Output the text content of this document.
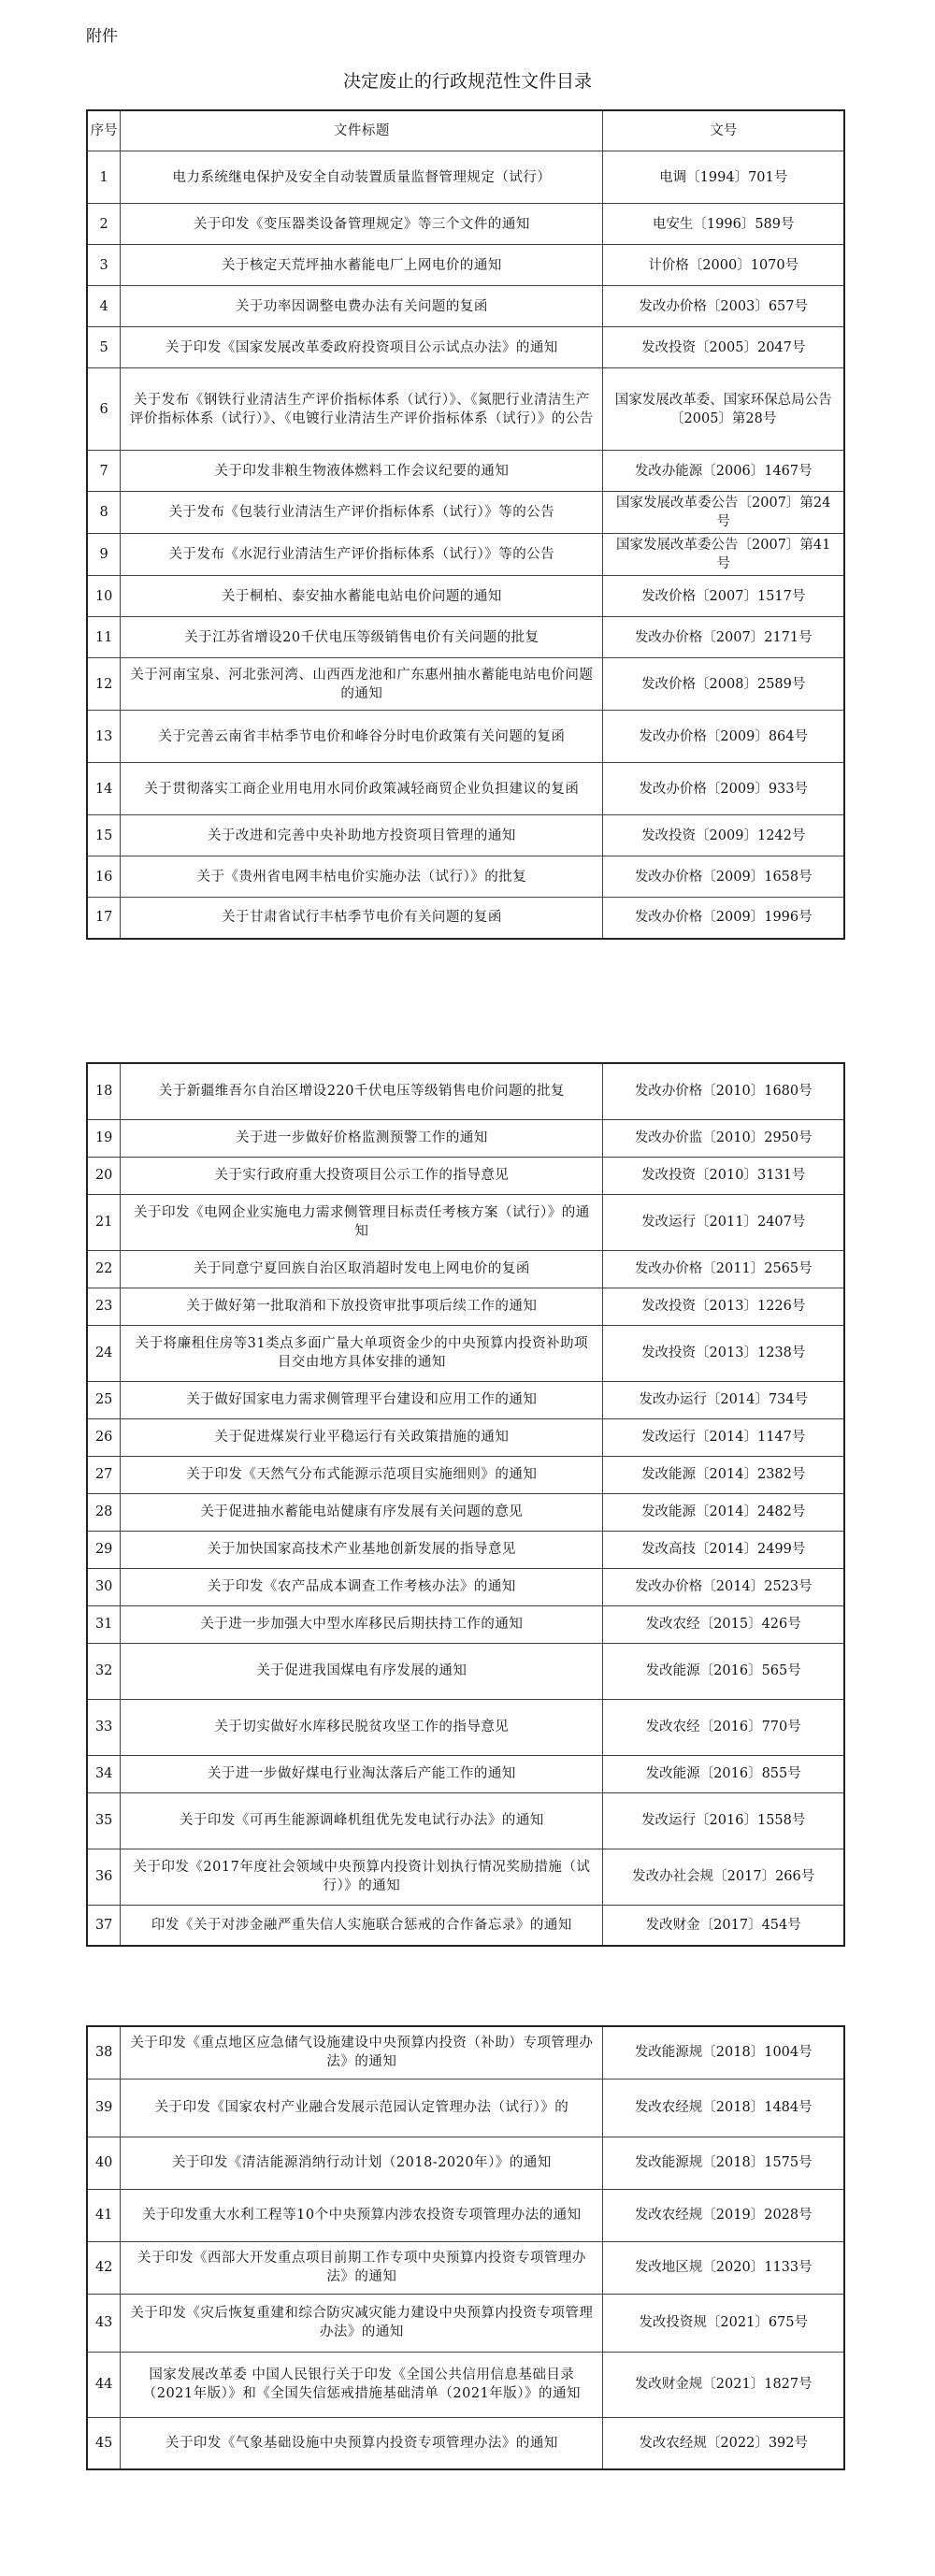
附件
决定废止的行政规范性文件目录
序号	文件标题	文号
1	电力系统继电保护及安全自动装置质量监督管理规定（试行）	电调〔1994〕701号
2	关于印发《变压器类设备管理规定》等三个文件的通知	电安生〔1996〕589号
3	关于核定天荒坪抽水蓄能电厂上网电价的通知	计价格〔2000〕1070号
4	关于功率因调整电费办法有关问题的复函	发改办价格〔2003〕657号
5	关于印发《国家发展改革委政府投资项目公示试点办法》的通知	发改投资〔2005〕2047号
6	关于发布《钢铁行业清洁生产评价指标体系（试行）》、《氮肥行业清洁生产评价指标体系（试行）》、《电镀行业清洁生产评价指标体系（试行）》的公告	国家发展改革委、国家环保总局公告〔2005〕第28号
7	关于印发非粮生物液体燃料工作会议纪要的通知	发改办能源〔2006〕1467号
8	关于发布《包装行业清洁生产评价指标体系（试行）》等的公告	国家发展改革委公告〔2007〕第24号
9	关于发布《水泥行业清洁生产评价指标体系（试行）》等的公告	国家发展改革委公告〔2007〕第41号
10	关于桐柏、泰安抽水蓄能电站电价问题的通知	发改价格〔2007〕1517号
11	关于江苏省增设20千伏电压等级销售电价有关问题的批复	发改办价格〔2007〕2171号
12	关于河南宝泉、河北张河湾、山西西龙池和广东惠州抽水蓄能电站电价问题的通知	发改价格〔2008〕2589号
13	关于完善云南省丰枯季节电价和峰谷分时电价政策有关问题的复函	发改办价格〔2009〕864号
14	关于贯彻落实工商企业用电用水同价政策减轻商贸企业负担建议的复函	发改办价格〔2009〕933号
15	关于改进和完善中央补助地方投资项目管理的通知	发改投资〔2009〕1242号
16	关于《贵州省电网丰枯电价实施办法（试行）》的批复	发改办价格〔2009〕1658号
17	关于甘肃省试行丰枯季节电价有关问题的复函	发改办价格〔2009〕1996号
18	关于新疆维吾尔自治区增设220千伏电压等级销售电价问题的批复	发改办价格〔2010〕1680号
19	关于进一步做好价格监测预警工作的通知	发改办价监〔2010〕2950号
20	关于实行政府重大投资项目公示工作的指导意见	发改投资〔2010〕3131号
21	关于印发《电网企业实施电力需求侧管理目标责任考核方案（试行）》的通知	发改运行〔2011〕2407号
22	关于同意宁夏回族自治区取消超时发电上网电价的复函	发改办价格〔2011〕2565号
23	关于做好第一批取消和下放投资审批事项后续工作的通知	发改投资〔2013〕1226号
24	关于将廉租住房等31类点多面广量大单项资金少的中央预算内投资补助项目交由地方具体安排的通知	发改投资〔2013〕1238号
25	关于做好国家电力需求侧管理平台建设和应用工作的通知	发改办运行〔2014〕734号
26	关于促进煤炭行业平稳运行有关政策措施的通知	发改运行〔2014〕1147号
27	关于印发《天然气分布式能源示范项目实施细则》的通知	发改能源〔2014〕2382号
28	关于促进抽水蓄能电站健康有序发展有关问题的意见	发改能源〔2014〕2482号
29	关于加快国家高技术产业基地创新发展的指导意见	发改高技〔2014〕2499号
30	关于印发《农产品成本调查工作考核办法》的通知	发改办价格〔2014〕2523号
31	关于进一步加强大中型水库移民后期扶持工作的通知	发改农经〔2015〕426号
32	关于促进我国煤电有序发展的通知	发改能源〔2016〕565号
33	关于切实做好水库移民脱贫攻坚工作的指导意见	发改农经〔2016〕770号
34	关于进一步做好煤电行业淘汰落后产能工作的通知	发改能源〔2016〕855号
35	关于印发《可再生能源调峰机组优先发电试行办法》的通知	发改运行〔2016〕1558号
36	关于印发《2017年度社会领域中央预算内投资计划执行情况奖励措施（试行）》的通知	发改办社会规〔2017〕266号
37	印发《关于对涉金融严重失信人实施联合惩戒的合作备忘录》的通知	发改财金〔2017〕454号
38	关于印发《重点地区应急储气设施建设中央预算内投资（补助）专项管理办法》的通知	发改能源规〔2018〕1004号
39	关于印发《国家农村产业融合发展示范园认定管理办法（试行）》的	发改农经规〔2018〕1484号
40	关于印发《清洁能源消纳行动计划（2018-2020年）》的通知	发改能源规〔2018〕1575号
41	关于印发重大水利工程等10个中央预算内涉农投资专项管理办法的通知	发改农经规〔2019〕2028号
42	关于印发《西部大开发重点项目前期工作专项中央预算内投资专项管理办法》的通知	发改地区规〔2020〕1133号
43	关于印发《灾后恢复重建和综合防灾减灾能力建设中央预算内投资专项管理办法》的通知	发改投资规〔2021〕675号
44	国家发展改革委 中国人民银行关于印发《全国公共信用信息基础目录（2021年版）》和《全国失信惩戒措施基础清单（2021年版）》的通知	发改财金规〔2021〕1827号
45	关于印发《气象基础设施中央预算内投资专项管理办法》的通知	发改农经规〔2022〕392号
